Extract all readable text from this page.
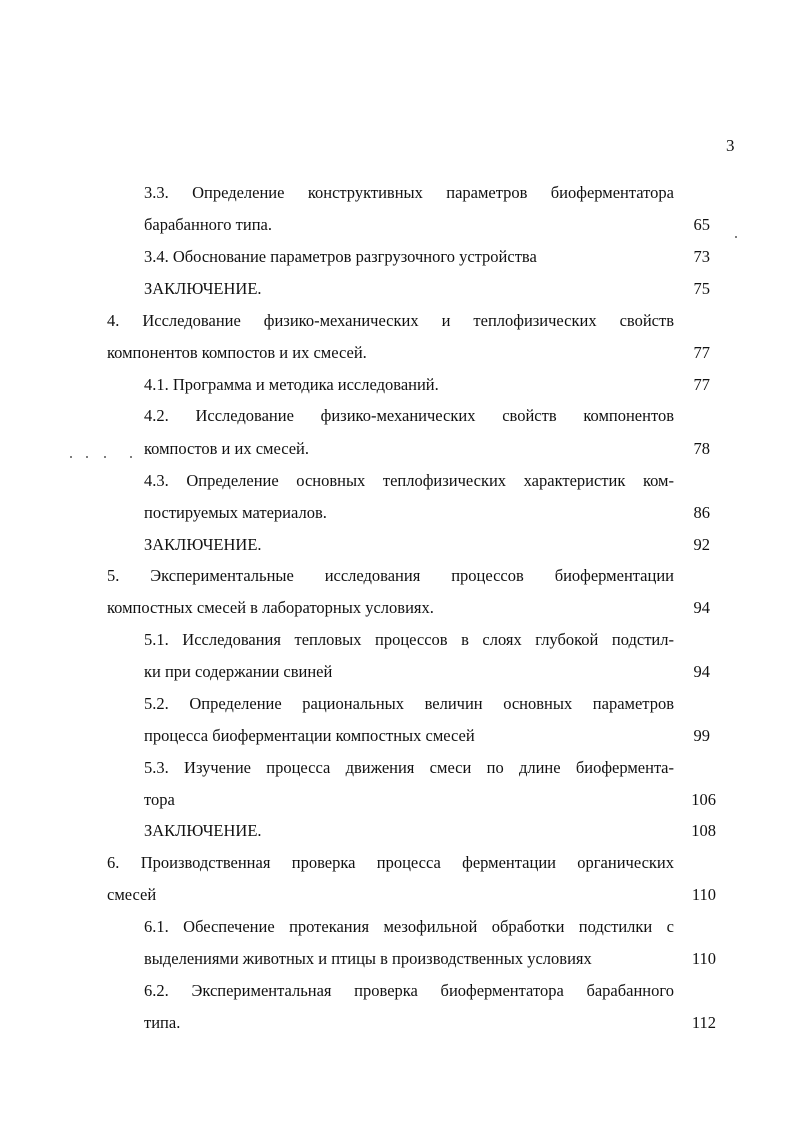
3
3.3. Определение конструктивных параметров биоферментатора
барабанного типа.	65
3.4. Обоснование параметров разгрузочного устройства	73
ЗАКЛЮЧЕНИЕ.	75
4. Исследование физико-механических и теплофизических свойств
компонентов компостов и их смесей.	77
4.1. Программа и методика исследований.	77
4.2. Исследование физико-механических свойств компонентов
компостов и их смесей.	78
4.3. Определение основных теплофизических характеристик ком-
постируемых материалов.	86
ЗАКЛЮЧЕНИЕ.	92
5. Экспериментальные исследования процессов биоферментации
компостных смесей в лабораторных условиях.	94
5.1. Исследования тепловых процессов в слоях глубокой подстил-
ки при содержании свиней	94
5.2. Определение рациональных величин основных параметров
процесса биоферментации компостных смесей	99
5.3. Изучение процесса движения смеси по длине биоферментa-
тора	106
ЗАКЛЮЧЕНИЕ.	108
6. Производственная проверка процесса ферментации органических
смесей	110
6.1. Обеспечение протекания мезофильной обработки подстилки с
выделениями животных и птицы в производственных условиях	110
6.2. Экспериментальная проверка биоферментатора барабанного
типа.	112
